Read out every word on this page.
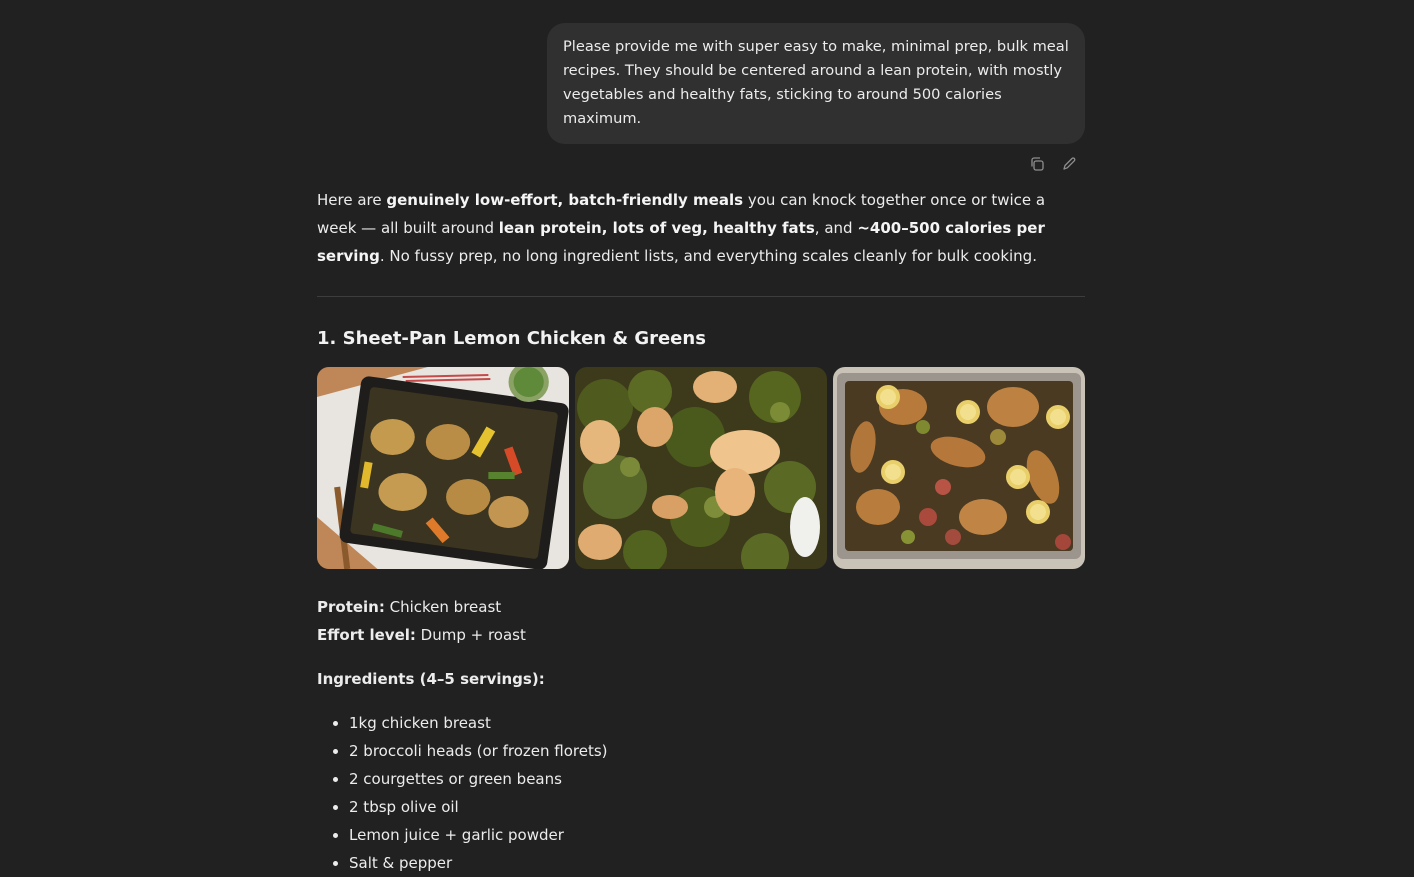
Please provide me with super easy to make, minimal prep, bulk meal recipes. They should be centered around a lean protein, with mostly vegetables and healthy fats, sticking to around 500 calories maximum.

Here are genuinely low-effort, batch-friendly meals you can knock together once or twice a week — all built around lean protein, lots of veg, healthy fats, and ~400–500 calories per serving. No fussy prep, no long ingredient lists, and everything scales cleanly for bulk cooking.

1. Sheet-Pan Lemon Chicken & Greens

Protein: Chicken breast

Effort level: Dump + roast

Ingredients (4–5 servings):

• 1kg chicken breast
• 2 broccoli heads (or frozen florets)
• 2 courgettes or green beans
• 2 tbsp olive oil
• Lemon juice + garlic powder
• Salt & pepper
